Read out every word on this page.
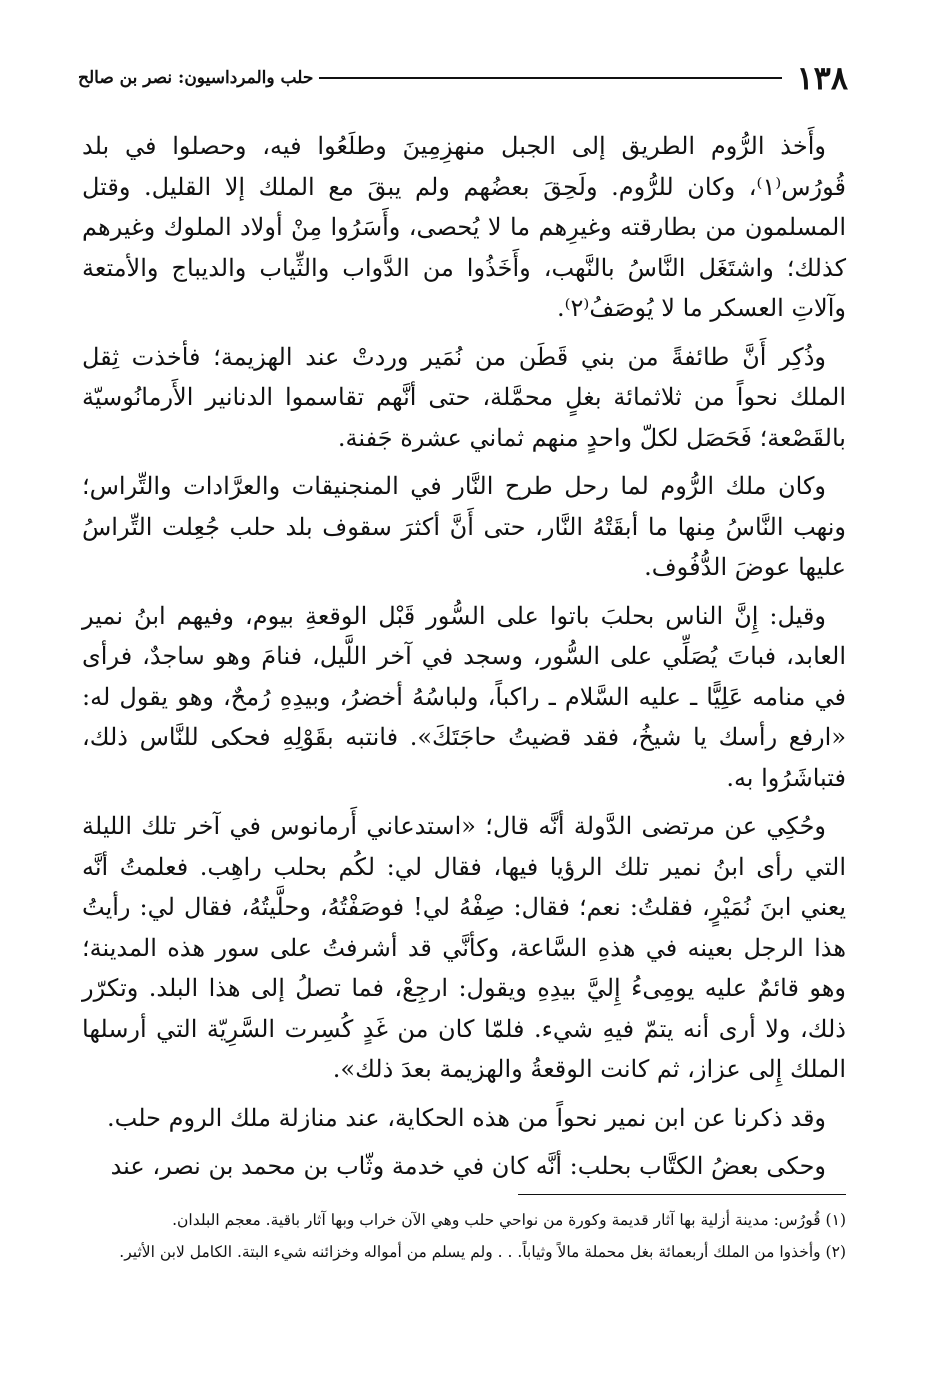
١٣٨
حلب والمرداسيون: نصر بن صالح

وأَخذ الرُّوم الطريق إلى الجبل منهزِمِينَ وطلَعُوا فيه، وحصلوا في بلد قُورُس⁽١⁾، وكان للرُّوم. ولَحِقَ بعضُهم ولم يبقَ مع الملك إلا القليل. وقتل المسلمون من بطارقته وغيرِهم ما لا يُحصى، وأَسَرُوا مِنْ أولاد الملوك وغيرهم كذلك؛ واشتَغَل النَّاسُ بالنَّهب، وأَخَذُوا من الدَّواب والثِّياب والديباج والأمتعة وآلاتِ العسكر ما لا يُوصَفُ⁽٢⁾.

وذُكِر أَنَّ طائفةً من بني قَطَن من نُمَير وردتْ عند الهزيمة؛ فأخذت ثِقل الملك نحواً من ثلاثمائة بغلٍ محمَّلة، حتى أنَّهم تقاسموا الدنانير الأَرمانُوسيّة بالقَصْعة؛ فَحَصَل لكلّ واحدٍ منهم ثماني عشرة جَفنة.

وكان ملك الرُّوم لما رحل طرح النَّار في المنجنيقات والعرَّادات والتِّراس؛ ونهب النَّاسُ مِنها ما أبقَتْهُ النَّار، حتى أَنَّ أكثرَ سقوف بلد حلب جُعِلت التِّراسُ عليها عوضَ الدُّفُوف.

وقيل: إِنَّ الناس بحلبَ باتوا على السُّور قَبْل الوقعةِ بيوم، وفيهم ابنُ نمير العابد، فباتَ يُصَلِّي على السُّور، وسجد في آخر اللَّيل، فنامَ وهو ساجدٌ، فرأى في منامه عَلِيًّا ـ عليه السَّلام ـ راكباً، ولباسُهُ أخضرُ، وبيدِهِ رُمحٌ، وهو يقول له: «ارفع رأسك يا شيخُ، فقد قضيتُ حاجَتَكَ». فانتبه بقَوْلِهِ فحكى للنَّاس ذلك، فتباشَرُوا به.

وحُكِي عن مرتضى الدَّولة أنَّه قال؛ «استدعاني أَرمانوس في آخر تلك الليلة التي رأى ابنُ نمير تلك الرؤيا فيها، فقال لي: لكُم بحلب راهِب. فعلمتُ أنَّه يعني ابنَ نُمَيْرٍ، فقلتُ: نعم؛ فقال: صِفْهُ لي! فوصَفْتُهُ، وحلَّيتُهُ، فقال لي: رأيتُ هذا الرجل بعينه في هذهِ السَّاعة، وكأنَّي قد أشرفتُ على سور هذه المدينة؛ وهو قائمٌ عليه يومِىءُ إِليَّ بيدِهِ ويقول: ارجِعْ، فما تصلُ إلى هذا البلد. وتكرّر ذلك، ولا أرى أنه يتمّ فيهِ شيء. فلمّا كان من غَدٍ كُسِرت السَّرِيّة التي أرسلها الملك إِلى عزاز، ثم كانت الوقعةُ والهزيمة بعدَ ذلك».

وقد ذكرنا عن ابن نمير نحواً من هذه الحكاية، عند منازلة ملك الروم حلب.

وحكى بعضُ الكتَّاب بحلب: أنَّه كان في خدمة وثّاب بن محمد بن نصر، عند

(١) قُورُس: مدينة أزلية بها آثار قديمة وكورة من نواحي حلب وهي الآن خراب وبها آثار باقية. معجم البلدان.

(٢) وأخذوا من الملك أربعمائة بغل محملة مالاً وثياباً. . . ولم يسلم من أمواله وخزائنه شيء البتة. الكامل لابن الأثير.
